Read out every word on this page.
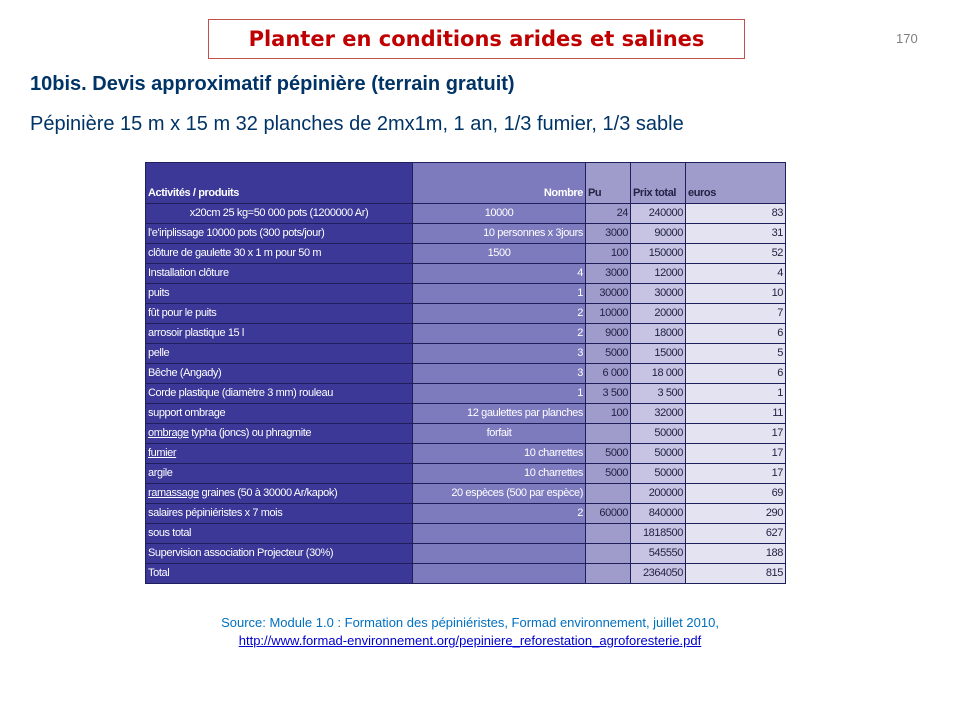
Planter en conditions arides et salines	170
10bis. Devis approximatif pépinière (terrain gratuit)
Pépinière 15 m x 15 m 32 planches de 2mx1m, 1 an, 1/3 fumier, 1/3 sable
Activités / produits	Nombre	Pu	Prix total	euros
x20cm 25 kg=50 000 pots (1200000 Ar)	10000	24	240000	83
l'e'iriplissage 10000 pots (300 pots/jour)	10 personnes x 3jours	3000	90000	31
clôture de gaulette 30 x 1 m pour 50 m	1500	100	150000	52
Installation clôture	4	3000	12000	4
puits	1	30000	30000	10
fût pour le puits	2	10000	20000	7
arrosoir plastique 15 l	2	9000	18000	6
pelle	3	5000	15000	5
Bêche (Angady)	3	6 000	18 000	6
Corde plastique (diamètre 3 mm) rouleau	1	3 500	3 500	1
support ombrage	12 gaulettes par planches	100	32000	11
ombrage typha (joncs) ou phragmite	forfait		50000	17
fumier	10 charrettes	5000	50000	17
argile	10 charrettes	5000	50000	17
ramassage graines (50 à 30000 Ar/kapok)	20 espèces (500 par espèce)		200000	69
salaires pépiniéristes x 7 mois	2	60000	840000	290
sous total			1818500	627
Supervision association Projecteur (30%)			545550	188
Total			2364050	815
Source: Module 1.0 : Formation des pépiniéristes, Formad environnement, juillet 2010,
http://www.formad-environnement.org/pepiniere_reforestation_agroforesterie.pdf
